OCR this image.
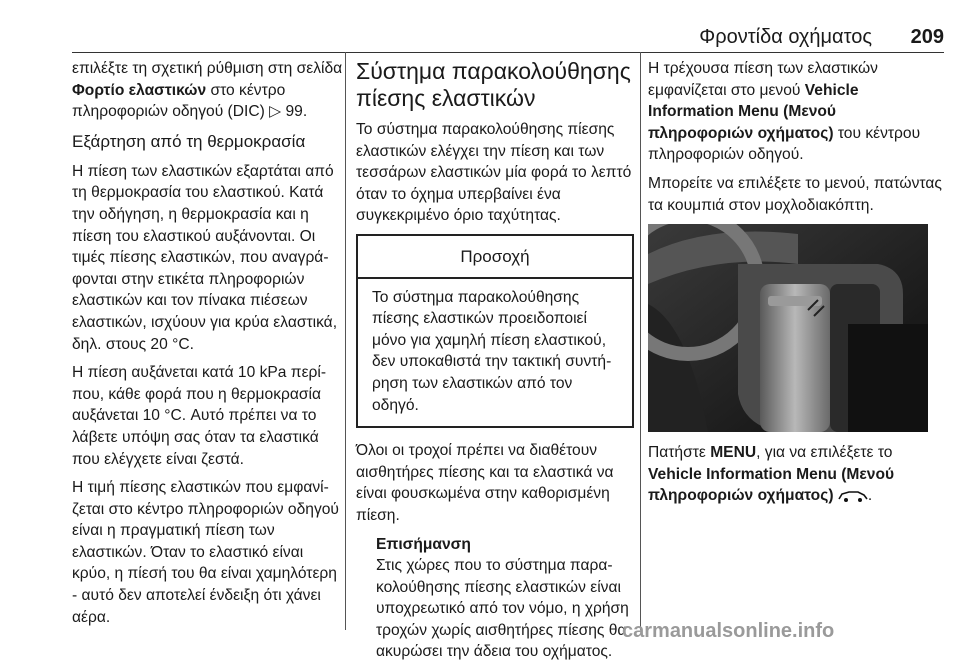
Φροντίδα οχήματος 209

επιλέξτε τη σχετική ρύθμιση στη σελίδα Φορτίο ελαστικών στο κέντρο πληροφοριών οδηγού (DIC) ▷ 99.

Εξάρτηση από τη θερμοκρασία

Η πίεση των ελαστικών εξαρτάται από τη θερμοκρασία του ελαστικού. Κατά την οδήγηση, η θερμοκρασία και η πίεση του ελαστικού αυξάνονται. Οι τιμές πίεσης ελαστικών, που αναγράφονται στην ετικέτα πληροφοριών ελαστικών και τον πίνακα πιέσεων ελαστικών, ισχύουν για κρύα ελαστικά, δηλ. στους 20 °C.

Η πίεση αυξάνεται κατά 10 kPa περίπου, κάθε φορά που η θερμοκρασία αυξάνεται 10 °C. Αυτό πρέπει να το λάβετε υπόψη σας όταν τα ελαστικά που ελέγχετε είναι ζεστά.

Η τιμή πίεσης ελαστικών που εμφανίζεται στο κέντρο πληροφοριών οδηγού είναι η πραγματική πίεση των ελαστικών. Όταν το ελαστικό είναι κρύο, η πίεσή του θα είναι χαμηλότερη - αυτό δεν αποτελεί ένδειξη ότι χάνει αέρα.

Σύστημα παρακολούθησης πίεσης ελαστικών

Το σύστημα παρακολούθησης πίεσης ελαστικών ελέγχει την πίεση και των τεσσάρων ελαστικών μία φορά το λεπτό όταν το όχημα υπερβαίνει ένα συγκεκριμένο όριο ταχύτητας.

Προσοχή
Το σύστημα παρακολούθησης πίεσης ελαστικών προειδοποιεί μόνο για χαμηλή πίεση ελαστικού, δεν υποκαθιστά την τακτική συντήρηση των ελαστικών από τον οδηγό.

Όλοι οι τροχοί πρέπει να διαθέτουν αισθητήρες πίεσης και τα ελαστικά να είναι φουσκωμένα στην καθορισμένη πίεση.

Επισήμανση
Στις χώρες που το σύστημα παρακολούθησης πίεσης ελαστικών είναι υποχρεωτικό από τον νόμο, η χρήση τροχών χωρίς αισθητήρες πίεσης θα ακυρώσει την άδεια του οχήματος.

Η τρέχουσα πίεση των ελαστικών εμφανίζεται στο μενού Vehicle Information Menu (Μενού πληροφοριών οχήματος) του κέντρου πληροφοριών οδηγού.

Μπορείτε να επιλέξετε το μενού, πατώντας τα κουμπιά στον μοχλοδιακόπτη.

Πατήστε MENU, για να επιλέξετε το Vehicle Information Menu (Μενού πληροφοριών οχήματος) .

carmanualsonline.info
